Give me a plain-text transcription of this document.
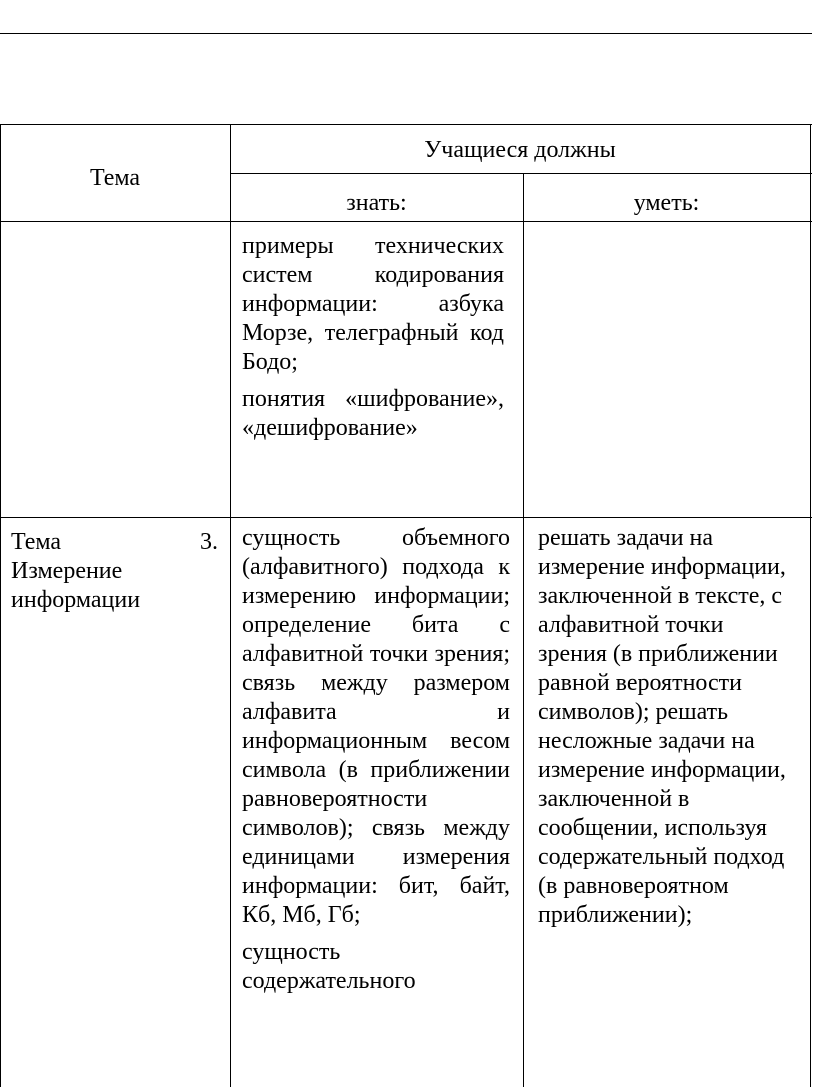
Тема
Учащиеся должны
знать:	уметь:
примеры технических систем кодирования информации: азбука Морзе, телеграфный код Бодо;
понятия «шифрование», «дешифрование»
Тема 3.
Измерение информации
сущность объемного (алфавитного) подхода к измерению информации; определение бита с алфавитной точки зрения; связь между размером алфавита и информационным весом символа (в приближении равновероятности символов); связь между единицами измерения информации: бит, байт, Кб, Мб, Гб;
сущность содержательного
решать задачи на измерение информации, заключенной в тексте, с алфавитной точки зрения (в приближении равной вероятности символов); решать несложные задачи на измерение информации, заключенной в сообщении, используя содержательный подход (в равновероятном приближении);
